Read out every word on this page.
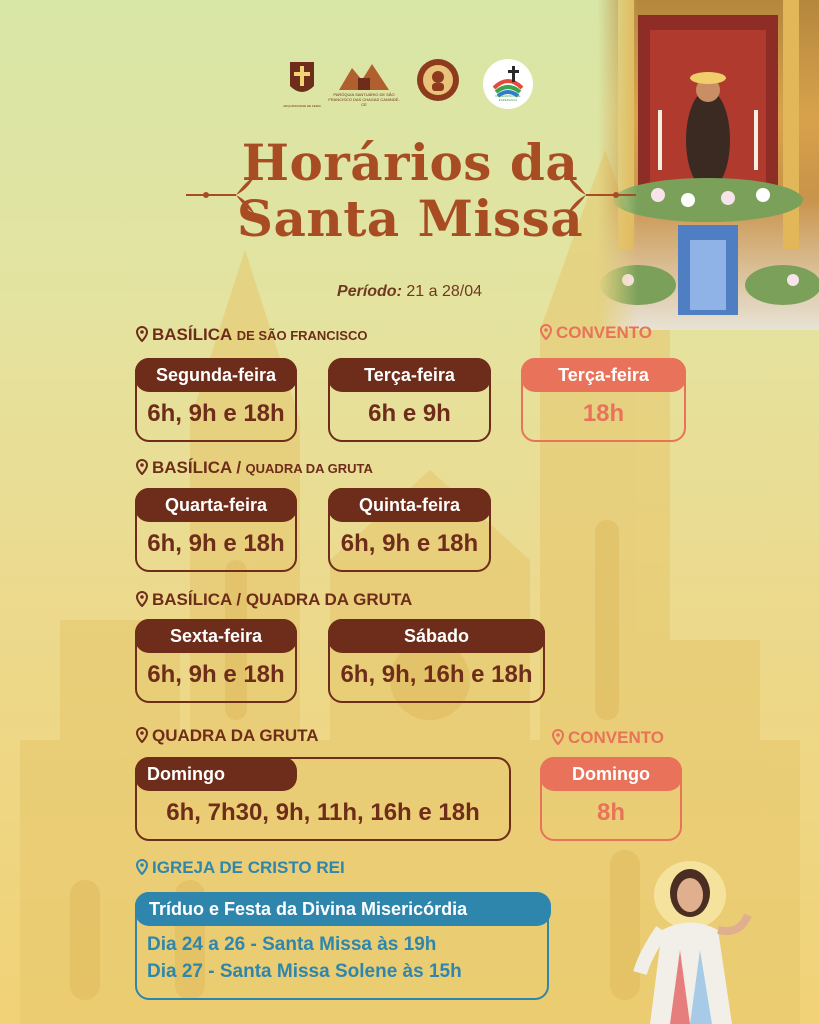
ARQUIDIOCESE DE FEIRA
PARÓQUIA SANTUÁRIO DE SÃO FRANCISCO DAS CHAGAS CANINDÉ-CE
PEREGRINOS DE ESPERANÇA
Horários da
Santa Missa
Período: 21 a 28/04
BASÍLICA DE SÃO FRANCISCO	CONVENTO
Segunda-feira
6h, 9h e 18h
Terça-feira
6h e 9h
Terça-feira
18h
BASÍLICA / QUADRA DA GRUTA
Quarta-feira
6h, 9h e 18h
Quinta-feira
6h, 9h e 18h
BASÍLICA / QUADRA DA GRUTA
Sexta-feira
6h, 9h e 18h
Sábado
6h, 9h, 16h e 18h
QUADRA DA GRUTA	CONVENTO
Domingo
6h, 7h30, 9h, 11h, 16h e 18h
Domingo
8h
IGREJA DE CRISTO REI
Tríduo e Festa da Divina Misericórdia
Dia 24 a 26 - Santa Missa às 19h
Dia 27 - Santa Missa Solene às 15h
